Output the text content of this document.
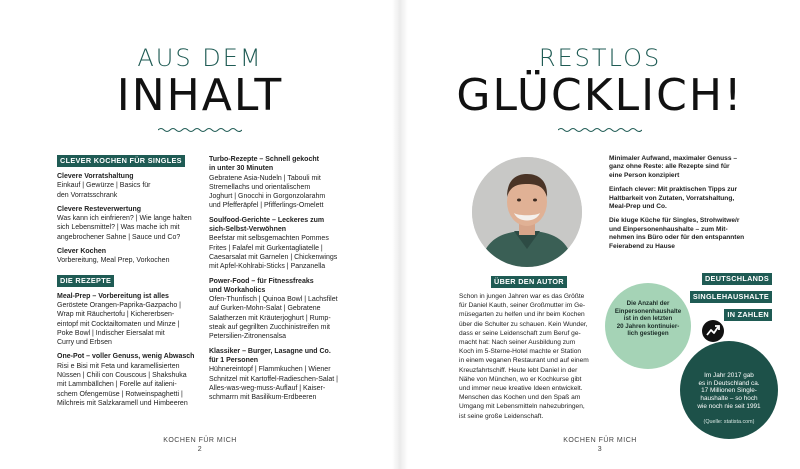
AUS DEM
INHALT
CLEVER KOCHEN FÜR SINGLES
Clevere Vorratshaltung
Einkauf | Gewürze | Basics für
den Vorratsschrank
Clevere Resteverwertung
Was kann ich einfrieren? | Wie lange halten
sich Lebensmittel? | Was mache ich mit
angebrochener Sahne | Sauce und Co?
Clever Kochen
Vorbereitung, Meal Prep, Vorkochen
DIE REZEPTE
Meal-Prep – Vorbereitung ist alles
Geröstete Orangen-Paprika-Gazpacho |
Wrap mit Räuchertofu | Kichererbsen-
eintopf mit Cocktailtomaten und Minze |
Poke Bowl | Indischer Eiersalat mit
Curry und Erbsen
One-Pot – voller Genuss, wenig Abwasch
Risi e Bisi mit Feta und karamellisierten
Nüssen | Chili con Couscous | Shakshuka
mit Lammbällchen | Forelle auf italieni-
schem Ofengemüse | Rotweinspaghetti |
Milchreis mit Salzkaramell und Himbeeren
Turbo-Rezepte – Schnell gekocht
in unter 30 Minuten
Gebratene Asia-Nudeln | Tabouli mit
Stremellachs und orientalischem
Joghurt | Gnocchi in Gorgonzolarahm
und Pfefferäpfel | Pfifferlings-Omelett
Soulfood-Gerichte – Leckeres zum
sich-Selbst-Verwöhnen
Beefstar mit selbsgemachten Pommes
Frites | Falafel mit Gurkentagliatelle |
Caesarsalat mit Garnelen | Chickenwings
mit Apfel-Kohlrabi-Sticks | Panzanella
Power-Food – für Fitnessfreaks
und Workaholics
Ofen-Thunfisch | Quinoa Bowl | Lachsfilet
auf Gurken-Mohn-Salat | Gebratene
Salatherzen mit Kräuterjoghurt | Rump-
steak auf gegrillten Zucchinistreifen mit
Petersilien-Zitronensalsa
Klassiker – Burger, Lasagne und Co.
für 1 Personen
Hühnereintopf | Flammkuchen | Wiener
Schnitzel mit Kartoffel-Radieschen-Salat |
Alles-was-weg-muss-Auflauf | Kaiser-
schmarrn mit Basilikum-Erdbeeren
KOCHEN FÜR MICH
2
RESTLOS
GLÜCKLICH!
ÜBER DEN AUTOR
Schon in jungen Jahren war es das Größte
für Daniel Kauth, seiner Großmutter im Ge-
müsegarten zu helfen und ihr beim Kochen
über die Schulter zu schauen. Kein Wunder,
dass er seine Leidenschaft zum Beruf ge-
macht hat: Nach seiner Ausbildung zum
Koch im 5-Sterne-Hotel machte er Station
in einem veganen Restaurant und auf einem
Kreuzfahrtschiff. Heute lebt Daniel in der
Nähe von München, wo er Kochkurse gibt
und immer neue kreative Ideen entwickelt.
Menschen das Kochen und den Spaß am
Umgang mit Lebensmitteln nahezubringen,
ist seine große Leidenschaft.

Minimaler Aufwand, maximaler Genuss –
ganz ohne Reste: alle Rezepte sind für
eine Person konzipiert

Einfach clever: Mit praktischen Tipps zur
Haltbarkeit von Zutaten, Vorratshaltung,
Meal-Prep und Co.

Die kluge Küche für Singles, Strohwitwe/r
und Einpersonenhaushalte – zum Mit-
nehmen ins Büro oder für den entspannten
Feierabend zu Hause

DEUTSCHLANDS
SINGLEHAUSHALTE
IN ZAHLEN
Die Anzahl der
Einpersonenhaushalte
ist in den letzten
20 Jahren kontinuier-
lich gestiegen

Im Jahr 2017 gab
es in Deutschland ca.
17 Millionen Single-
haushalte – so hoch
wie noch nie seit 1991

(Quelle: statista.com)

KOCHEN FÜR MICH
3
